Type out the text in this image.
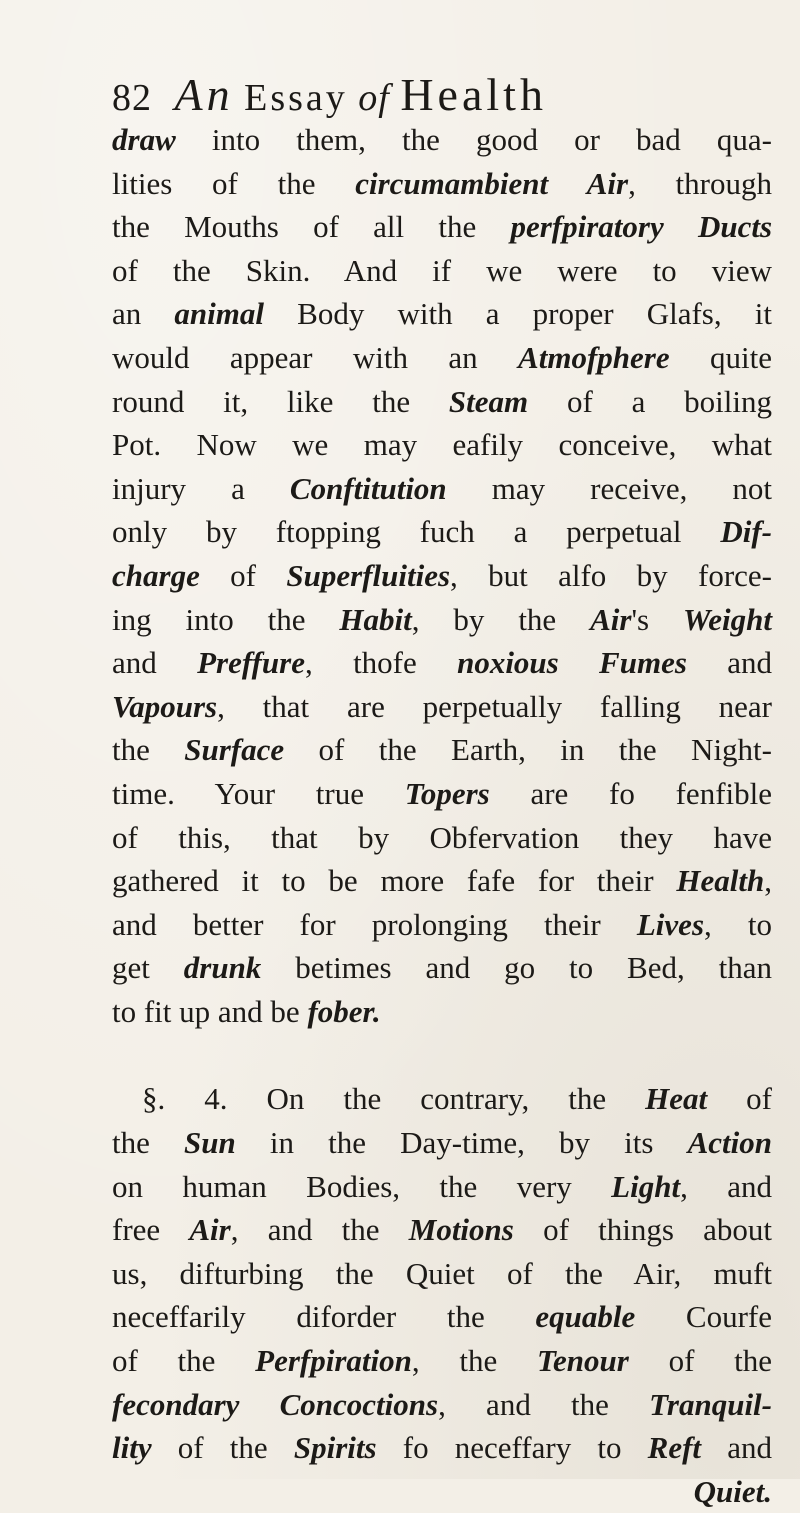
82 An Essay of Health
draw into them, the good or bad qua-
lities of the circumambient Air, through
the Mouths of all the perfpiratory Ducts
of the Skin. And if we were to view
an animal Body with a proper Glafs, it
would appear with an Atmofphere quite
round it, like the Steam of a boiling
Pot. Now we may eafily conceive, what
injury a Conftitution may receive, not
only by ftopping fuch a perpetual Dif-
charge of Superfluities, but alfo by force-
ing into the Habit, by the Air's Weight
and Preffure, thofe noxious Fumes and
Vapours, that are perpetually falling near
the Surface of the Earth, in the Night-
time. Your true Topers are fo fenfible
of this, that by Obfervation they have
gathered it to be more fafe for their Health,
and better for prolonging their Lives, to
get drunk betimes and go to Bed, than
to fit up and be fober.
§. 4. On the contrary, the Heat of
the Sun in the Day-time, by its Action
on human Bodies, the very Light, and
free Air, and the Motions of things about
us, difturbing the Quiet of the Air, muft
neceffarily diforder the equable Courfe
of the Perfpiration, the Tenour of the
fecondary Concoctions, and the Tranquil-
lity of the Spirits fo neceffary to Reft and
Quiet.
